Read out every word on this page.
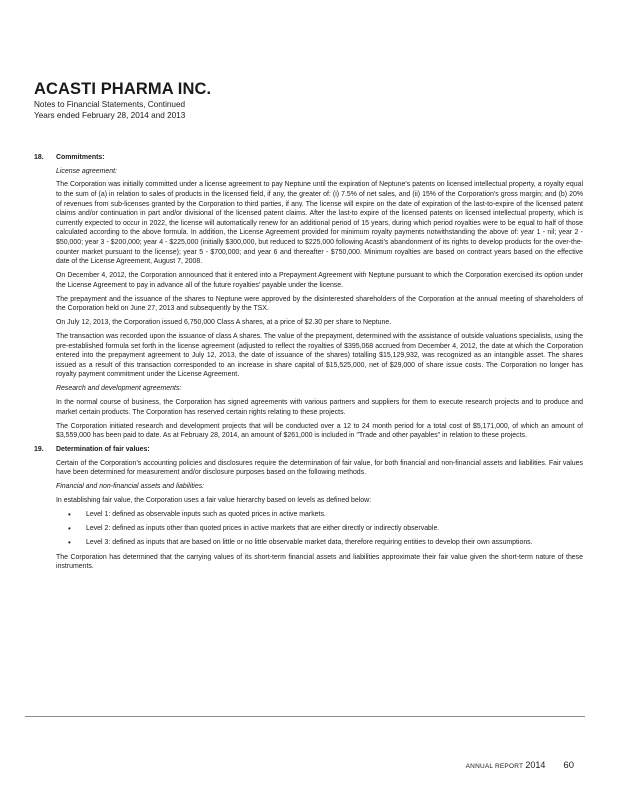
ACASTI PHARMA INC.
Notes to Financial Statements, Continued
Years ended February 28, 2014 and 2013
18.	Commitments:

License agreement:

The Corporation was initially committed under a license agreement to pay Neptune until the expiration of Neptune’s patents on licensed intellectual property, a royalty equal to the sum of (a) in relation to sales of products in the licensed field, if any, the greater of: (i) 7.5% of net sales, and (ii) 15% of the Corporation’s gross margin; and (b) 20% of revenues from sub-licenses granted by the Corporation to third parties, if any. The license will expire on the date of expiration of the last-to-expire of the licensed patent claims and/or continuation in part and/or divisional of the licensed patent claims. After the last-to expire of the licensed patents on licensed intellectual property, which is currently expected to occur in 2022, the license will automatically renew for an additional period of 15 years, during which period royalties were to be equal to half of those calculated according to the above formula. In addition, the License Agreement provided for minimum royalty payments notwithstanding the above of: year 1 - nil; year 2 - $50,000; year 3 - $200,000; year 4 - $225,000 (initially $300,000, but reduced to $225,000 following Acasti’s abandonment of its rights to develop products for the over-the-counter market pursuant to the license); year 5 - $700,000; and year 6 and thereafter - $750,000. Minimum royalties are based on contract years based on the effective date of the License Agreement, August 7, 2008.

On December 4, 2012, the Corporation announced that it entered into a Prepayment Agreement with Neptune pursuant to which the Corporation exercised its option under the License Agreement to pay in advance all of the future royalties’ payable under the license.

The prepayment and the issuance of the shares to Neptune were approved by the disinterested shareholders of the Corporation at the annual meeting of shareholders of the Corporation held on June 27, 2013 and subsequently by the TSX.

On July 12, 2013, the Corporation issued 6,750,000 Class A shares, at a price of $2.30 per share to Neptune.

The transaction was recorded upon the issuance of class A shares. The value of the prepayment, determined with the assistance of outside valuations specialists, using the pre-established formula set forth in the license agreement (adjusted to reflect the royalties of $395,068 accrued from December 4, 2012, the date at which the Corporation entered into the prepayment agreement to July 12, 2013, the date of issuance of the shares) totalling $15,129,932, was recognized as an intangible asset. The shares issued as a result of this transaction corresponded to an increase in share capital of $15,525,000, net of $29,000 of share issue costs. The Corporation no longer has royalty payment commitment under the License Agreement.

Research and development agreements:

In the normal course of business, the Corporation has signed agreements with various partners and suppliers for them to execute research projects and to produce and market certain products. The Corporation has reserved certain rights relating to these projects.

The Corporation initiated research and development projects that will be conducted over a 12 to 24 month period for a total cost of $5,171,000, of which an amount of $3,559,000 has been paid to date. As at February 28, 2014, an amount of $261,000 is included in "Trade and other payables" in relation to these projects.

19.	Determination of fair values:

Certain of the Corporation’s accounting policies and disclosures require the determination of fair value, for both financial and non-financial assets and liabilities. Fair values have been determined for measurement and/or disclosure purposes based on the following methods.

Financial and non-financial assets and liabilities:

In establishing fair value, the Corporation uses a fair value hierarchy based on levels as defined below:

•	Level 1: defined as observable inputs such as quoted prices in active markets.
•	Level 2: defined as inputs other than quoted prices in active markets that are either directly or indirectly observable.
•	Level 3: defined as inputs that are based on little or no little observable market data, therefore requiring entities to develop their own assumptions.

The Corporation has determined that the carrying values of its short-term financial assets and liabilities approximate their fair value given the short-term nature of these instruments.

ANNUAL REPORT 2014 60
